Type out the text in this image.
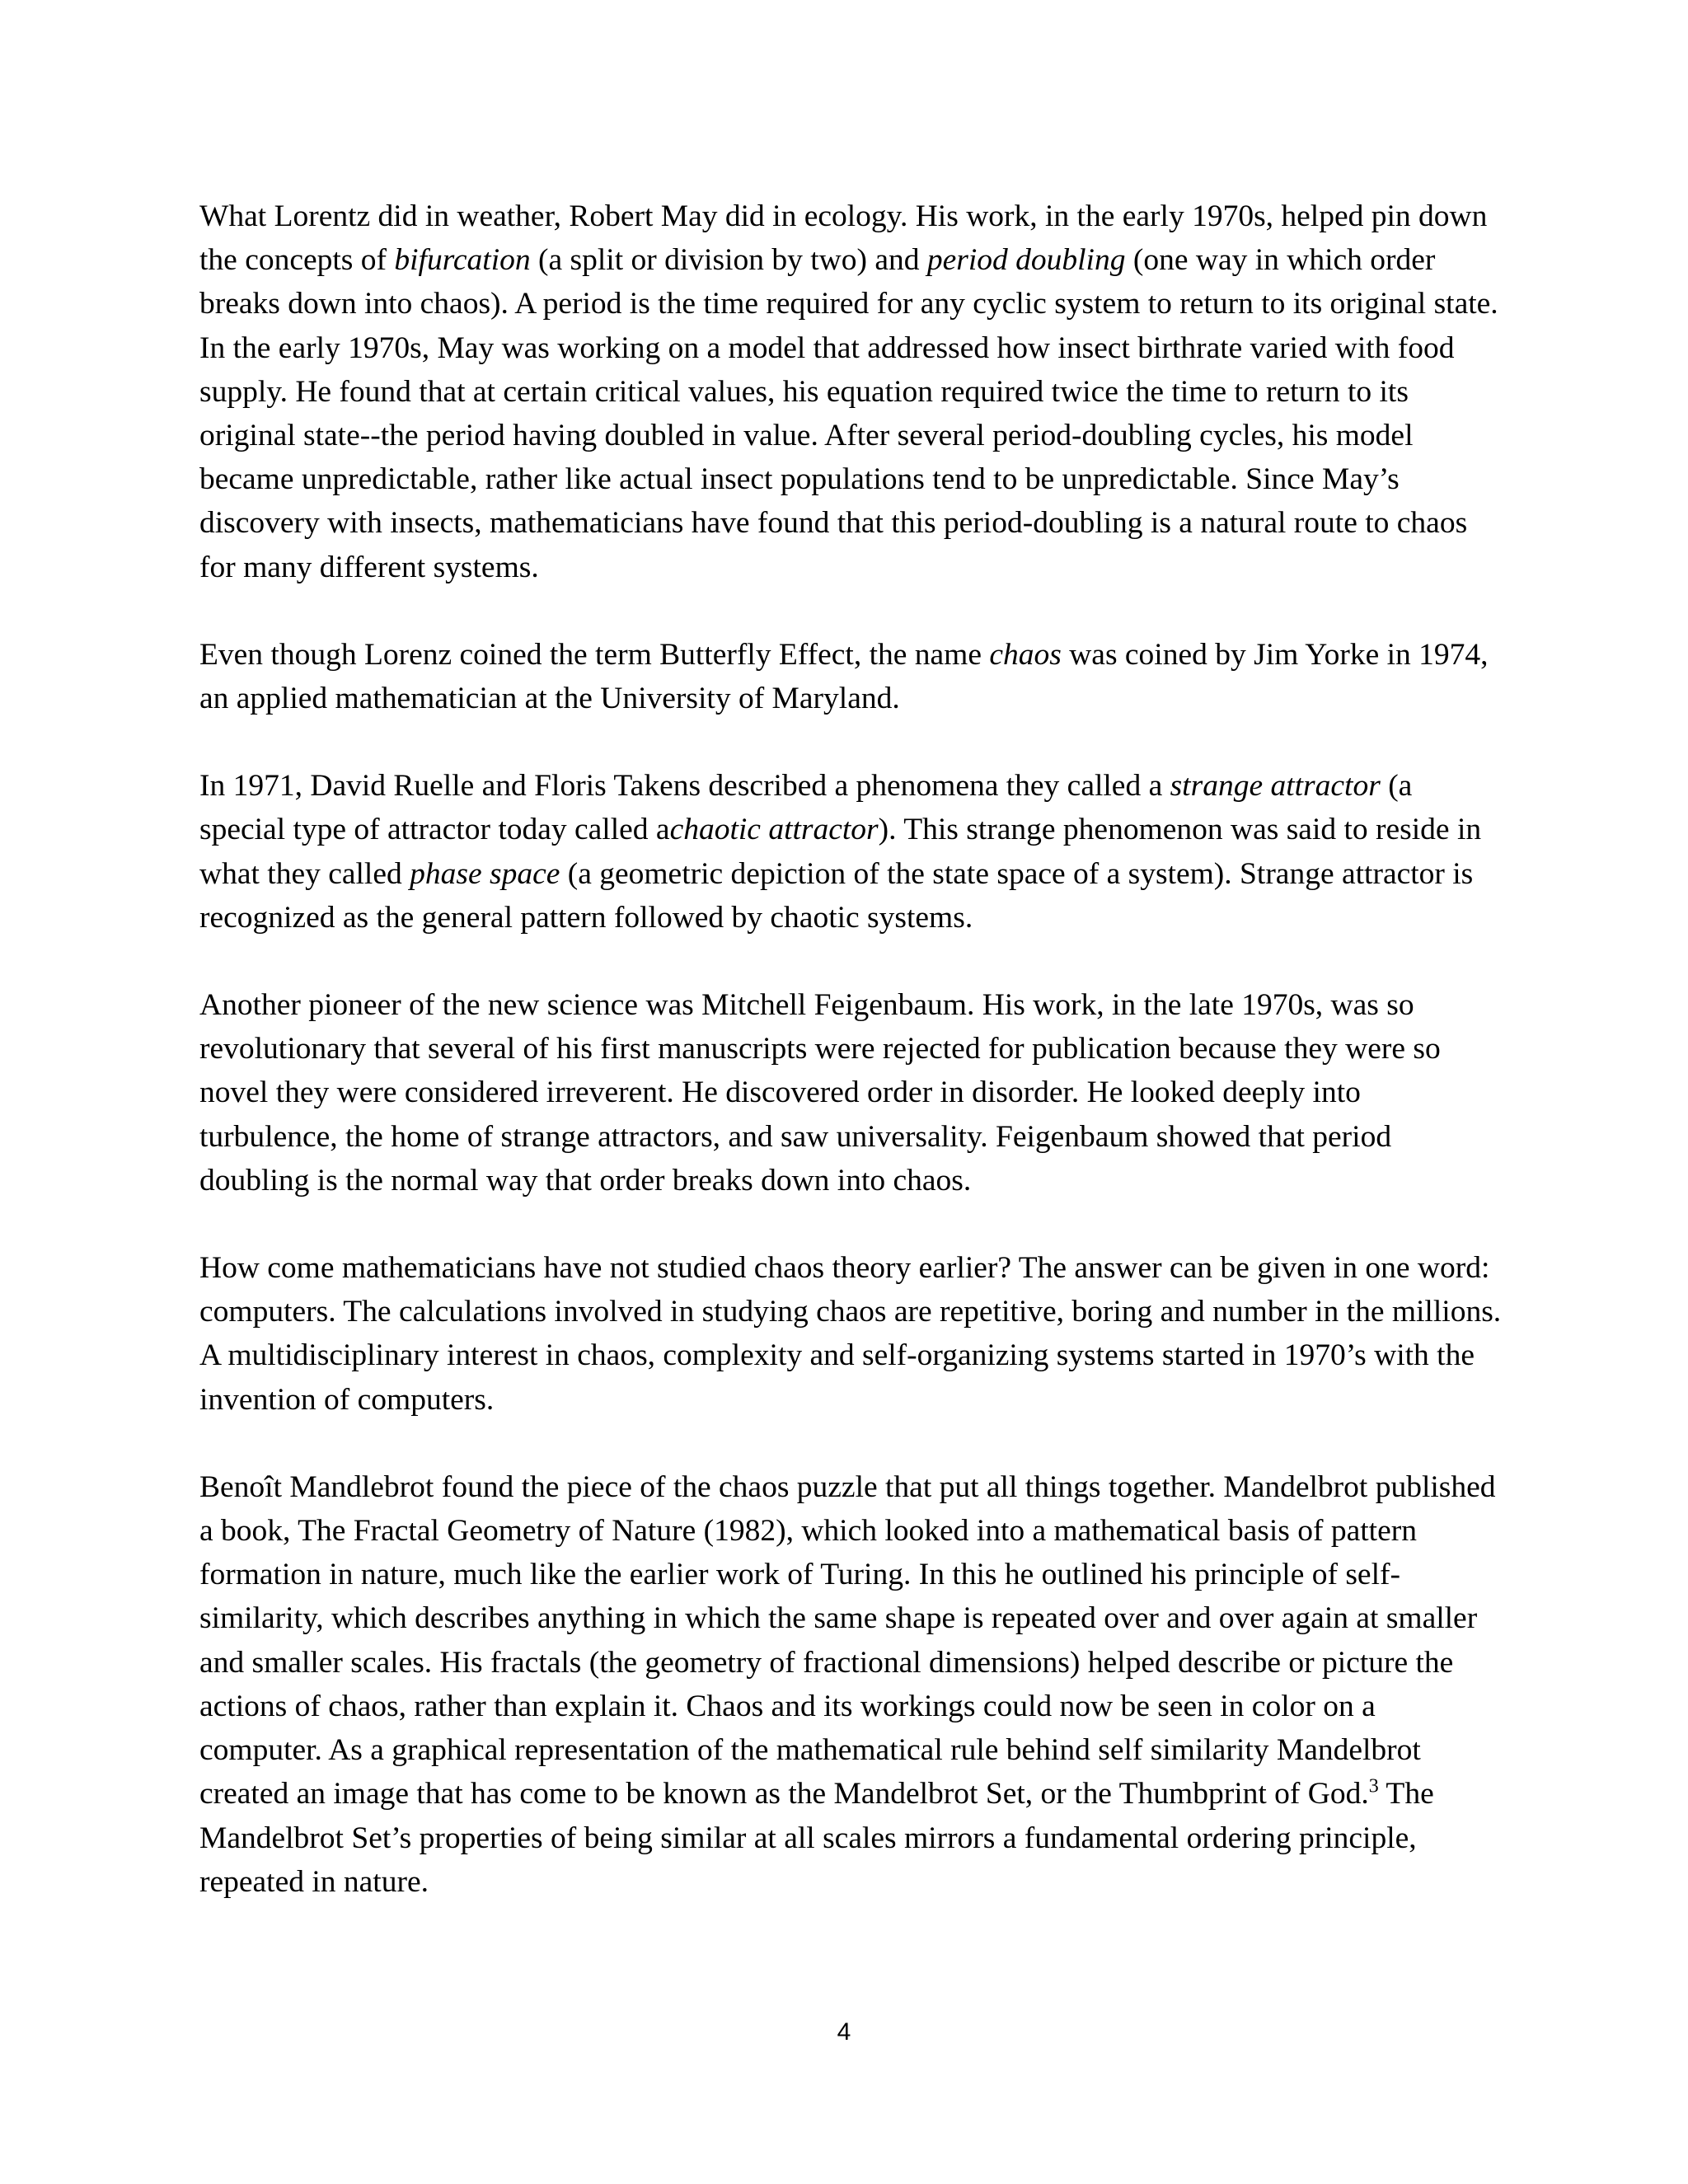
What Lorentz did in weather, Robert May did in ecology. His work, in the early 1970s, helped pin down the concepts of bifurcation (a split or division by two) and period doubling (one way in which order breaks down into chaos). A period is the time required for any cyclic system to return to its original state. In the early 1970s, May was working on a model that addressed how insect birthrate varied with food supply. He found that at certain critical values, his equation required twice the time to return to its original state--the period having doubled in value. After several period-doubling cycles, his model became unpredictable, rather like actual insect populations tend to be unpredictable. Since May’s discovery with insects, mathematicians have found that this period-doubling is a natural route to chaos for many different systems.

Even though Lorenz coined the term Butterfly Effect, the name chaos was coined by Jim Yorke in 1974, an applied mathematician at the University of Maryland.

In 1971, David Ruelle and Floris Takens described a phenomena they called a strange attractor (a special type of attractor today called achaotic attractor). This strange phenomenon was said to reside in what they called phase space (a geometric depiction of the state space of a system). Strange attractor is recognized as the general pattern followed by chaotic systems.

Another pioneer of the new science was Mitchell Feigenbaum. His work, in the late 1970s, was so revolutionary that several of his first manuscripts were rejected for publication because they were so novel they were considered irreverent. He discovered order in disorder. He looked deeply into turbulence, the home of strange attractors, and saw universality. Feigenbaum showed that period doubling is the normal way that order breaks down into chaos.

How come mathematicians have not studied chaos theory earlier? The answer can be given in one word: computers. The calculations involved in studying chaos are repetitive, boring and number in the millions. A multidisciplinary interest in chaos, complexity and self-organizing systems started in 1970’s with the invention of computers.

Benoît Mandlebrot found the piece of the chaos puzzle that put all things together. Mandelbrot published a book, The Fractal Geometry of Nature (1982), which looked into a mathematical basis of pattern formation in nature, much like the earlier work of Turing. In this he outlined his principle of self-similarity, which describes anything in which the same shape is repeated over and over again at smaller and smaller scales. His fractals (the geometry of fractional dimensions) helped describe or picture the actions of chaos, rather than explain it. Chaos and its workings could now be seen in color on a computer. As a graphical representation of the mathematical rule behind self similarity Mandelbrot created an image that has come to be known as the Mandelbrot Set, or the Thumbprint of God.$^3$ The Mandelbrot Set’s properties of being similar at all scales mirrors a fundamental ordering principle, repeated in nature.

4
